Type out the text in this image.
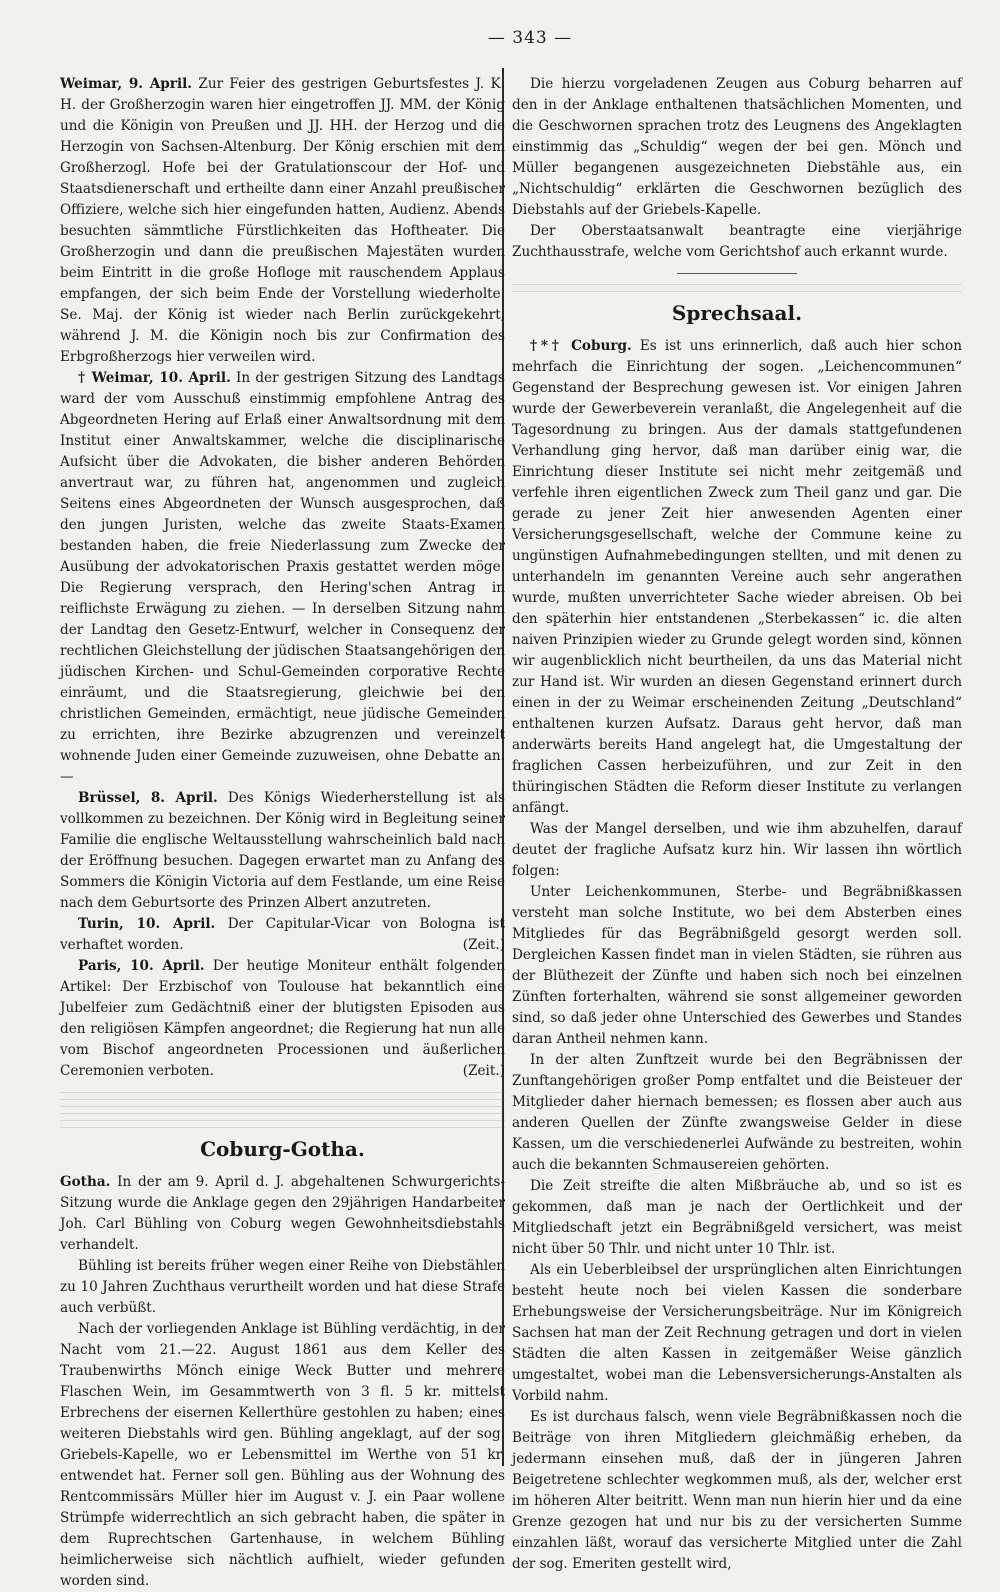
— 343 —

Weimar, 9. April. Zur Feier des gestrigen Geburtsfestes J. K. H. der Großherzogin waren hier eingetroffen JJ. MM. der König und die Königin von Preußen und JJ. HH. der Herzog und die Herzogin von Sachsen-Altenburg. Der König erschien mit dem Großherzogl. Hofe bei der Gratulationscour der Hof- und Staatsdienerschaft und ertheilte dann einer Anzahl preußischer Offiziere, welche sich hier eingefunden hatten, Audienz. Abends besuchten sämmtliche Fürstlichkeiten das Hoftheater. Die Großherzogin und dann die preußischen Majestäten wurden beim Eintritt in die große Hofloge mit rauschendem Applaus empfangen, der sich beim Ende der Vorstellung wiederholte. Se. Maj. der König ist wieder nach Berlin zurückgekehrt, während J. M. die Königin noch bis zur Confirmation des Erbgroßherzogs hier verweilen wird.

† Weimar, 10. April. In der gestrigen Sitzung des Landtags ward der vom Ausschuß einstimmig empfohlene Antrag des Abgeordneten Hering auf Erlaß einer Anwaltsordnung mit dem Institut einer Anwaltskammer, welche die disciplinarische Aufsicht über die Advokaten, die bisher anderen Behörden anvertraut war, zu führen hat, angenommen und zugleich Seitens eines Abgeordneten der Wunsch ausgesprochen, daß den jungen Juristen, welche das zweite Staats-Examen bestanden haben, die freie Niederlassung zum Zwecke der Ausübung der advokatorischen Praxis gestattet werden möge. Die Regierung versprach, den Hering'schen Antrag in reiflichste Erwägung zu ziehen. — In derselben Sitzung nahm der Landtag den Gesetz-Entwurf, welcher in Consequenz der rechtlichen Gleichstellung der jüdischen Staatsangehörigen den jüdischen Kirchen- und Schul-Gemeinden corporative Rechte einräumt, und die Staatsregierung, gleichwie bei den christlichen Gemeinden, ermächtigt, neue jüdische Gemeinden zu errichten, ihre Bezirke abzugrenzen und vereinzelt wohnende Juden einer Gemeinde zuzuweisen, ohne Debatte an. —

Brüssel, 8. April. Des Königs Wiederherstellung ist als vollkommen zu bezeichnen. Der König wird in Begleitung seiner Familie die englische Weltausstellung wahrscheinlich bald nach der Eröffnung besuchen. Dagegen erwartet man zu Anfang des Sommers die Königin Victoria auf dem Festlande, um eine Reise nach dem Geburtsorte des Prinzen Albert anzutreten.

Turin, 10. April. Der Capitular-Vicar von Bologna ist verhaftet worden.	(Zeit.)

Paris, 10. April. Der heutige Moniteur enthält folgenden Artikel: Der Erzbischof von Toulouse hat bekanntlich eine Jubelfeier zum Gedächtniß einer der blutigsten Episoden aus den religiösen Kämpfen angeordnet; die Regierung hat nun alle vom Bischof angeordneten Processionen und äußerlichen Ceremonien verboten.	(Zeit.)

Coburg-Gotha.

Gotha. In der am 9. April d. J. abgehaltenen Schwurgerichts-Sitzung wurde die Anklage gegen den 29jährigen Handarbeiter Joh. Carl Bühling von Coburg wegen Gewohnheitsdiebstahls verhandelt.

Bühling ist bereits früher wegen einer Reihe von Diebstählen zu 10 Jahren Zuchthaus verurtheilt worden und hat diese Strafe auch verbüßt.

Nach der vorliegenden Anklage ist Bühling verdächtig, in der Nacht vom 21.—22. August 1861 aus dem Keller des Traubenwirths Mönch einige Weck Butter und mehrere Flaschen Wein, im Gesammtwerth von 3 fl. 5 kr. mittelst Erbrechens der eisernen Kellerthüre gestohlen zu haben; eines weiteren Diebstahls wird gen. Bühling angeklagt, auf der sog. Griebels-Kapelle, wo er Lebensmittel im Werthe von 51 kr. entwendet hat. Ferner soll gen. Bühling aus der Wohnung des Rentcommissärs Müller hier im August v. J. ein Paar wollene Strümpfe widerrechtlich an sich gebracht haben, die später in dem Ruprechtschen Gartenhause, in welchem Bühling heimlicherweise sich nächtlich aufhielt, wieder gefunden worden sind.

Die hierzu vorgeladenen Zeugen aus Coburg beharren auf den in der Anklage enthaltenen thatsächlichen Momenten, und die Geschwornen sprachen trotz des Leugnens des Angeklagten einstimmig das „Schuldig“ wegen der bei gen. Mönch und Müller begangenen ausgezeichneten Diebstähle aus, ein „Nichtschuldig“ erklärten die Geschwornen bezüglich des Diebstahls auf der Griebels-Kapelle.

Der Oberstaatsanwalt beantragte eine vierjährige Zuchthausstrafe, welche vom Gerichtshof auch erkannt wurde.

Sprechsaal.

†*† Coburg. Es ist uns erinnerlich, daß auch hier schon mehrfach die Einrichtung der sogen. „Leichencommunen“ Gegenstand der Besprechung gewesen ist. Vor einigen Jahren wurde der Gewerbeverein veranlaßt, die Angelegenheit auf die Tagesordnung zu bringen. Aus der damals stattgefundenen Verhandlung ging hervor, daß man darüber einig war, die Einrichtung dieser Institute sei nicht mehr zeitgemäß und verfehle ihren eigentlichen Zweck zum Theil ganz und gar. Die gerade zu jener Zeit hier anwesenden Agenten einer Versicherungsgesellschaft, welche der Commune keine zu ungünstigen Aufnahmebedingungen stellten, und mit denen zu unterhandeln im genannten Vereine auch sehr angerathen wurde, mußten unverrichteter Sache wieder abreisen. Ob bei den späterhin hier entstandenen „Sterbekassen“ ic. die alten naiven Prinzipien wieder zu Grunde gelegt worden sind, können wir augenblicklich nicht beurtheilen, da uns das Material nicht zur Hand ist. Wir wurden an diesen Gegenstand erinnert durch einen in der zu Weimar erscheinenden Zeitung „Deutschland“ enthaltenen kurzen Aufsatz. Daraus geht hervor, daß man anderwärts bereits Hand angelegt hat, die Umgestaltung der fraglichen Cassen herbeizuführen, und zur Zeit in den thüringischen Städten die Reform dieser Institute zu verlangen anfängt.

Was der Mangel derselben, und wie ihm abzuhelfen, darauf deutet der fragliche Aufsatz kurz hin. Wir lassen ihn wörtlich folgen:

Unter Leichenkommunen, Sterbe- und Begräbnißkassen versteht man solche Institute, wo bei dem Absterben eines Mitgliedes für das Begräbnißgeld gesorgt werden soll. Dergleichen Kassen findet man in vielen Städten, sie rühren aus der Blüthezeit der Zünfte und haben sich noch bei einzelnen Zünften forterhalten, während sie sonst allgemeiner geworden sind, so daß jeder ohne Unterschied des Gewerbes und Standes daran Antheil nehmen kann.

In der alten Zunftzeit wurde bei den Begräbnissen der Zunftangehörigen großer Pomp entfaltet und die Beisteuer der Mitglieder daher hiernach bemessen; es flossen aber auch aus anderen Quellen der Zünfte zwangsweise Gelder in diese Kassen, um die verschiedenerlei Aufwände zu bestreiten, wohin auch die bekannten Schmausereien gehörten.

Die Zeit streifte die alten Mißbräuche ab, und so ist es gekommen, daß man je nach der Oertlichkeit und der Mitgliedschaft jetzt ein Begräbnißgeld versichert, was meist nicht über 50 Thlr. und nicht unter 10 Thlr. ist.

Als ein Ueberbleibsel der ursprünglichen alten Einrichtungen besteht heute noch bei vielen Kassen die sonderbare Erhebungsweise der Versicherungsbeiträge. Nur im Königreich Sachsen hat man der Zeit Rechnung getragen und dort in vielen Städten die alten Kassen in zeitgemäßer Weise gänzlich umgestaltet, wobei man die Lebensversicherungs-Anstalten als Vorbild nahm.

Es ist durchaus falsch, wenn viele Begräbnißkassen noch die Beiträge von ihren Mitgliedern gleichmäßig erheben, da jedermann einsehen muß, daß der in jüngeren Jahren Beigetretene schlechter wegkommen muß, als der, welcher erst im höheren Alter beitritt. Wenn man nun hierin hier und da eine Grenze gezogen hat und nur bis zu der versicherten Summe einzahlen läßt, worauf das versicherte Mitglied unter die Zahl der sog. Emeriten gestellt wird,
